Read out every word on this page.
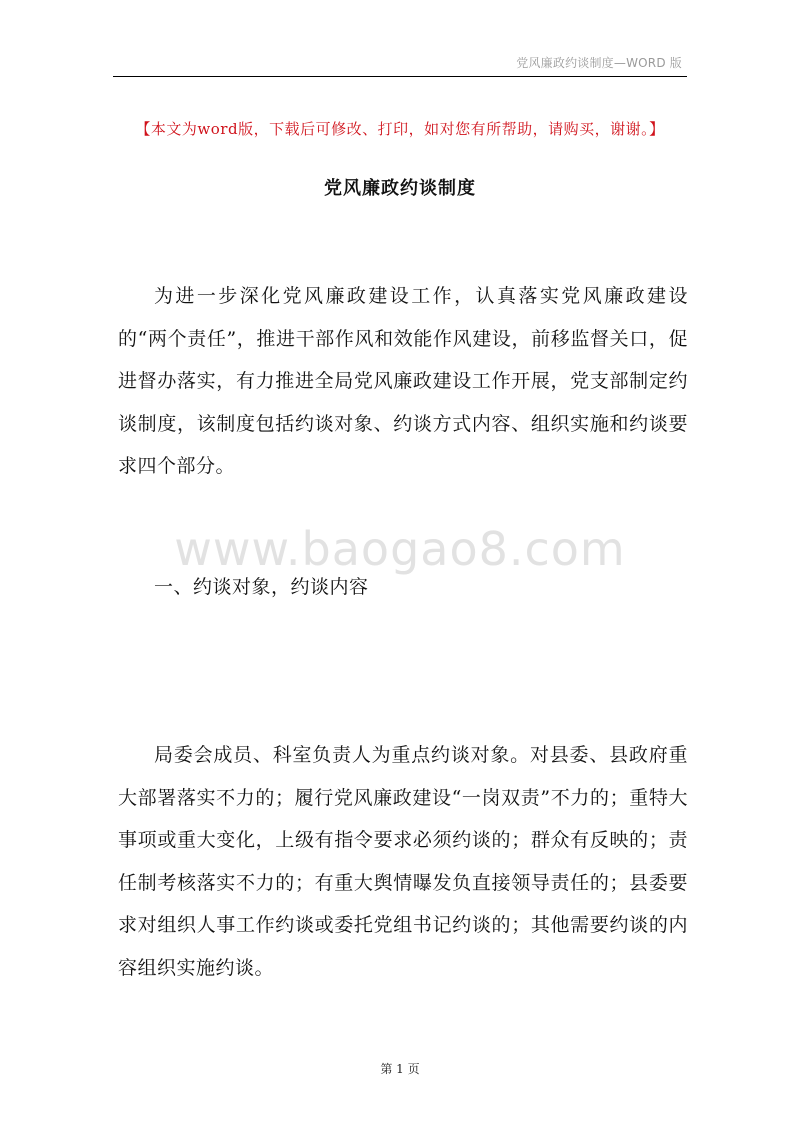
党风廉政约谈制度—WORD 版
【本文为word版，下载后可修改、打印，如对您有所帮助，请购买，谢谢。】
党风廉政约谈制度
为进一步深化党风廉政建设工作，认真落实党风廉政建设的“两个责任”，推进干部作风和效能作风建设，前移监督关口，促进督办落实，有力推进全局党风廉政建设工作开展，党支部制定约谈制度，该制度包括约谈对象、约谈方式内容、组织实施和约谈要求四个部分。
www.baogao8.com
一、约谈对象，约谈内容
局委会成员、科室负责人为重点约谈对象。对县委、县政府重大部署落实不力的；履行党风廉政建设“一岗双责”不力的；重特大事项或重大变化，上级有指令要求必须约谈的；群众有反映的；责任制考核落实不力的；有重大舆情曝发负直接领导责任的；县委要求对组织人事工作约谈或委托党组书记约谈的；其他需要约谈的内容组织实施约谈。
第 1 页
